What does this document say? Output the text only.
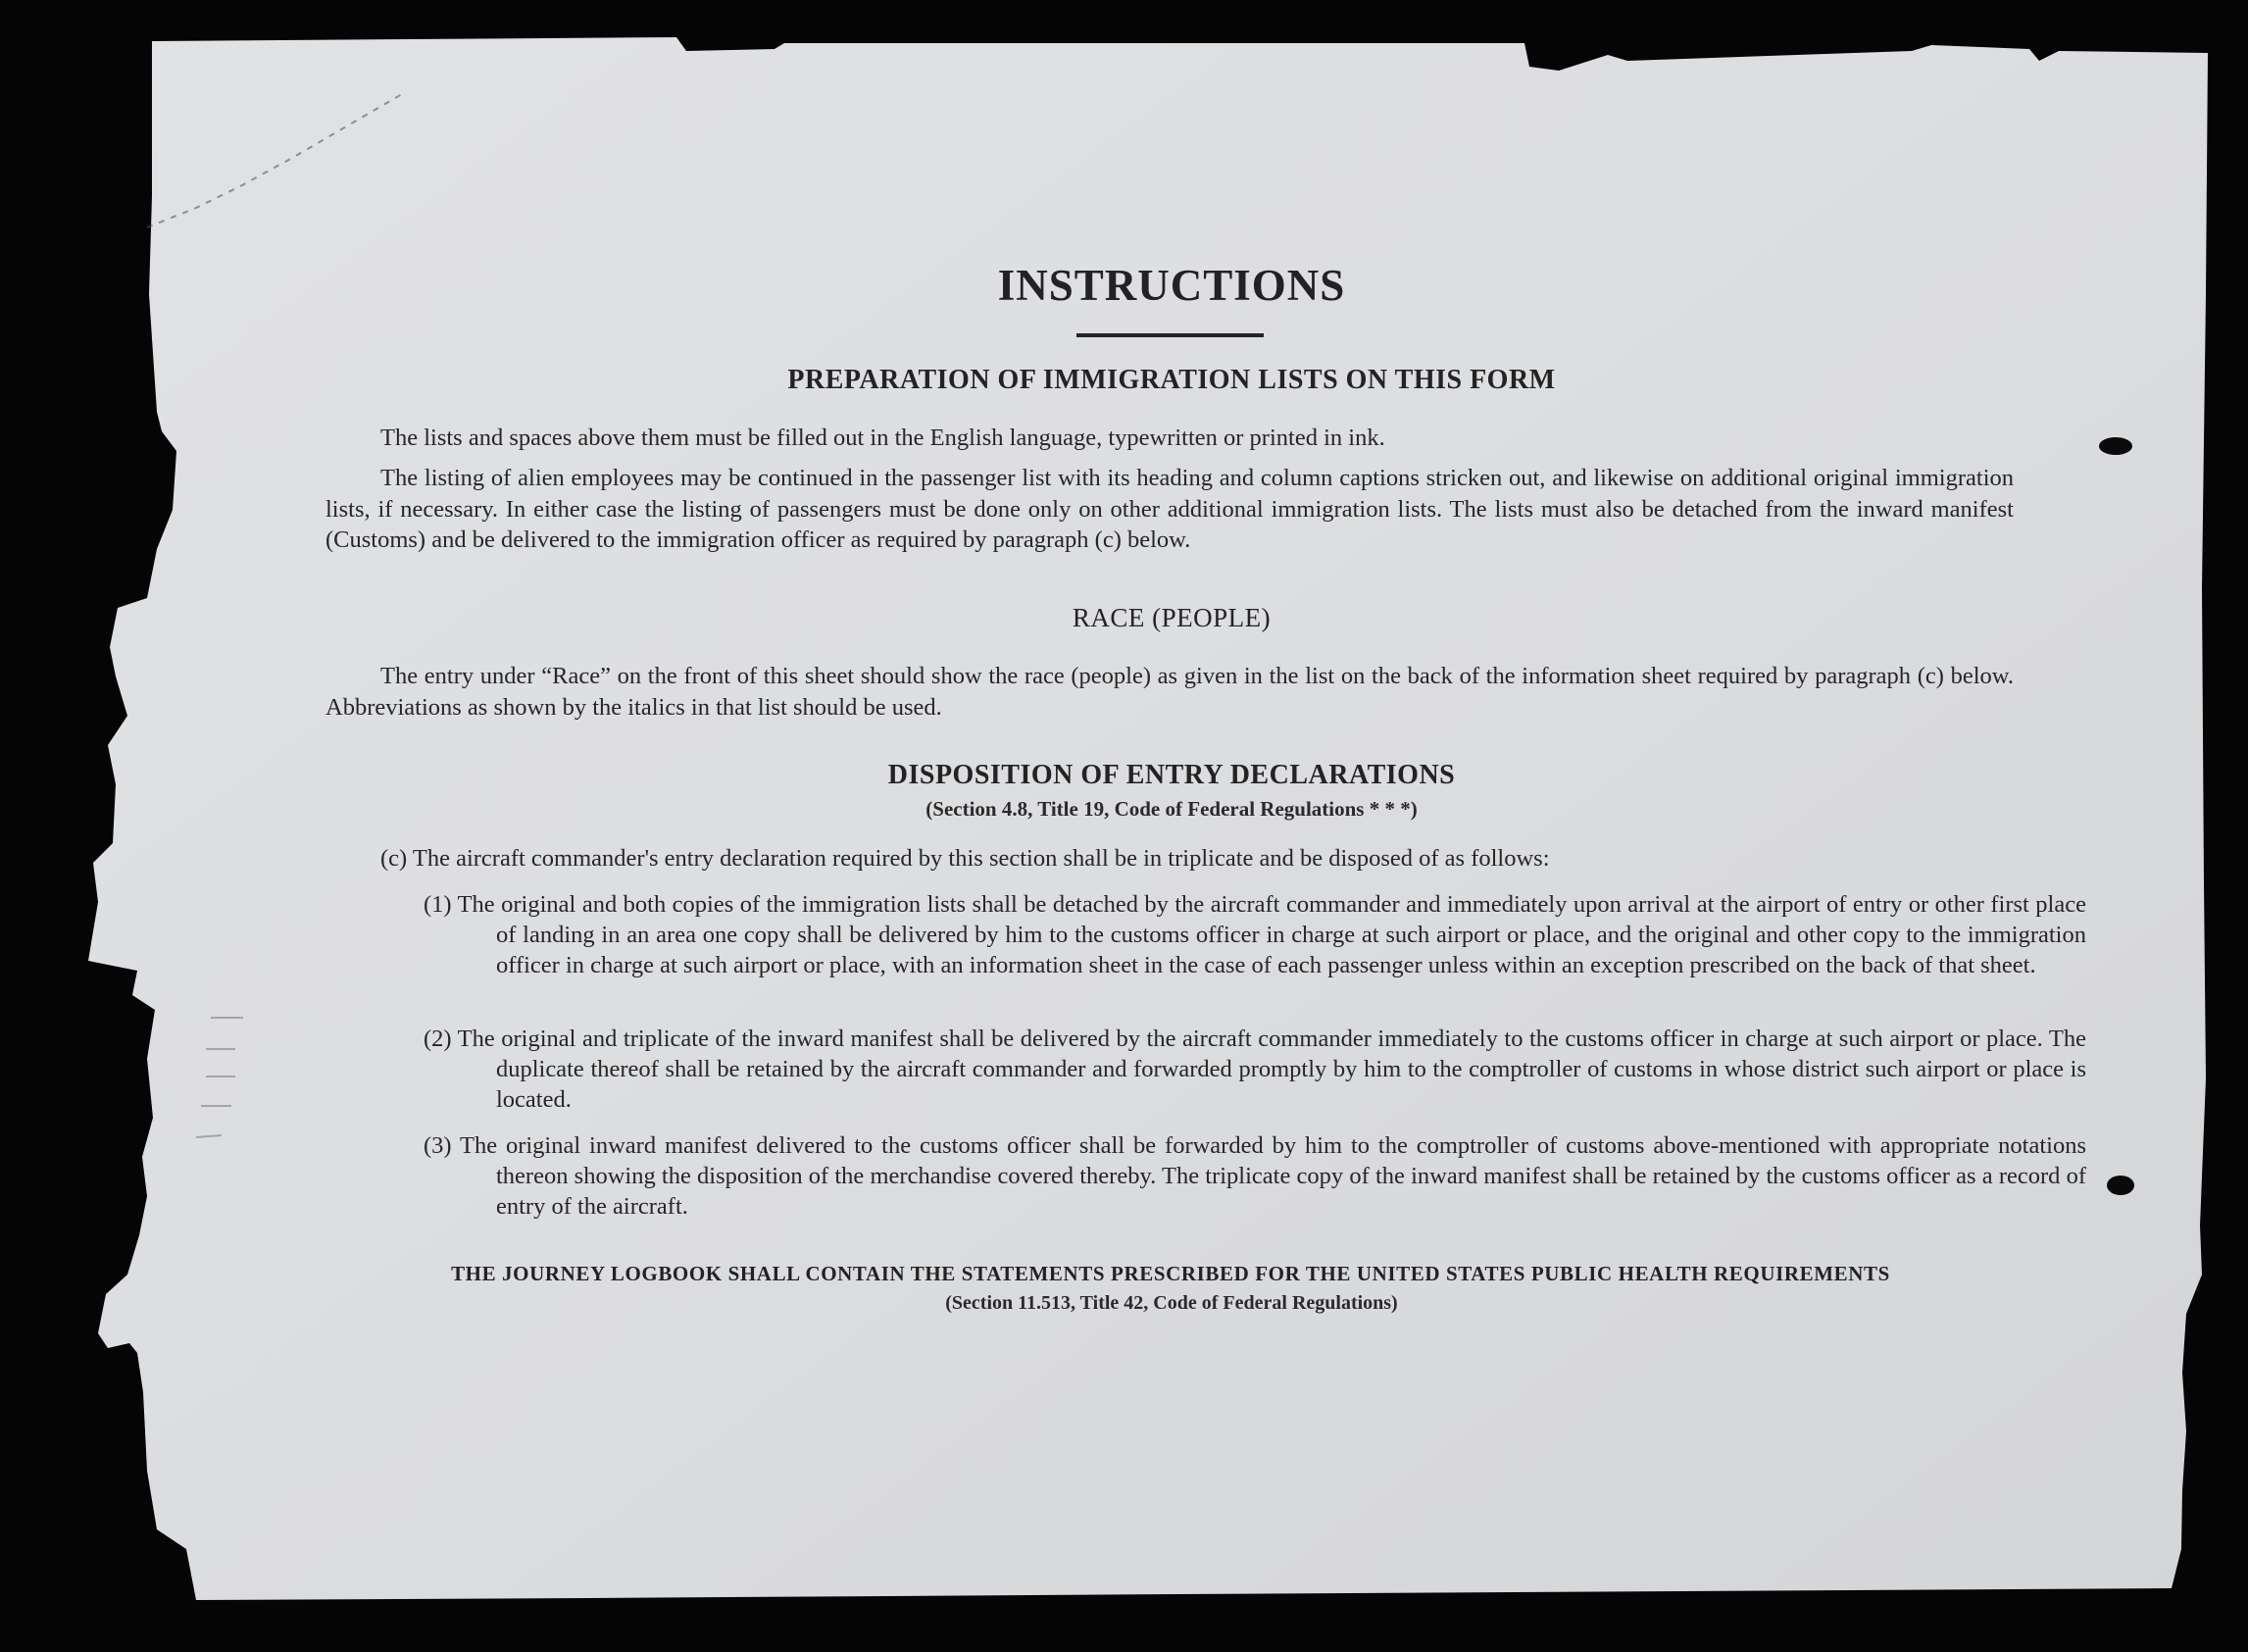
INSTRUCTIONS
PREPARATION OF IMMIGRATION LISTS ON THIS FORM
The lists and spaces above them must be filled out in the English language, typewritten or printed in ink.
The listing of alien employees may be continued in the passenger list with its heading and column captions stricken out, and likewise on additional original immigration lists, if necessary. In either case the listing of passengers must be done only on other additional immigration lists. The lists must also be detached from the inward manifest (Customs) and be delivered to the immigration officer as required by paragraph (c) below.
RACE (PEOPLE)
The entry under “Race” on the front of this sheet should show the race (people) as given in the list on the back of the information sheet required by paragraph (c) below. Abbreviations as shown by the italics in that list should be used.
DISPOSITION OF ENTRY DECLARATIONS
(Section 4.8, Title 19, Code of Federal Regulations * * *)
(c) The aircraft commander's entry declaration required by this section shall be in triplicate and be disposed of as follows:
(1) The original and both copies of the immigration lists shall be detached by the aircraft commander and immediately upon arrival at the airport of entry or other first place of landing in an area one copy shall be delivered by him to the customs officer in charge at such airport or place, and the original and other copy to the immigration officer in charge at such airport or place, with an information sheet in the case of each passenger unless within an exception prescribed on the back of that sheet.
(2) The original and triplicate of the inward manifest shall be delivered by the aircraft commander immediately to the customs officer in charge at such airport or place. The duplicate thereof shall be retained by the aircraft commander and forwarded promptly by him to the comptroller of customs in whose district such airport or place is located.
(3) The original inward manifest delivered to the customs officer shall be forwarded by him to the comptroller of customs above-mentioned with appropriate notations thereon showing the disposition of the merchandise covered thereby. The triplicate copy of the inward manifest shall be retained by the customs officer as a record of entry of the aircraft.
THE JOURNEY LOGBOOK SHALL CONTAIN THE STATEMENTS PRESCRIBED FOR THE UNITED STATES PUBLIC HEALTH REQUIREMENTS
(Section 11.513, Title 42, Code of Federal Regulations)
